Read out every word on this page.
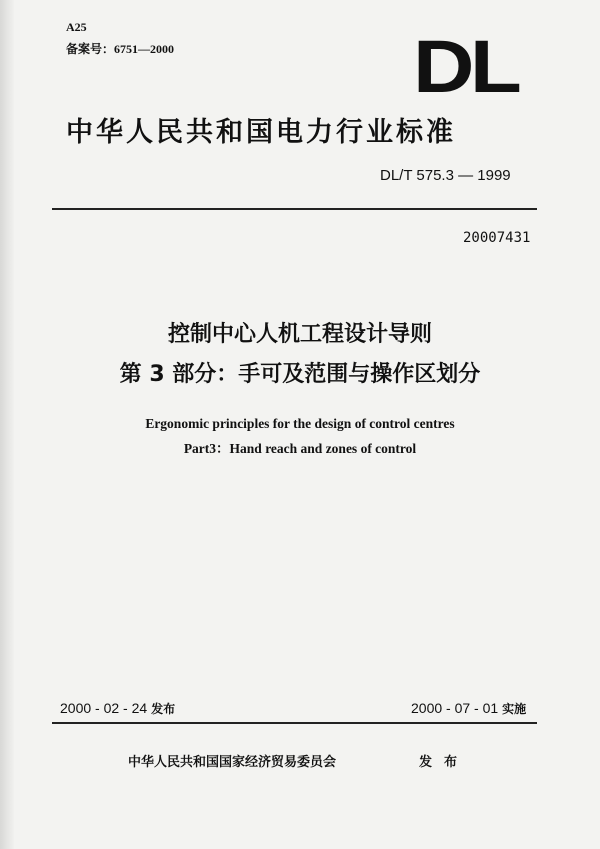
A25
备案号：6751—2000	DL
中华人民共和国电力行业标准
DL/T 575.3 — 1999
20007431
控制中心人机工程设计导则
第 3 部分：手可及范围与操作区划分
Ergonomic principles for the design of control centres
Part3：Hand reach and zones of control
2000 - 02 - 24 发布	2000 - 07 - 01 实施
中华人民共和国国家经济贸易委员会	发布
